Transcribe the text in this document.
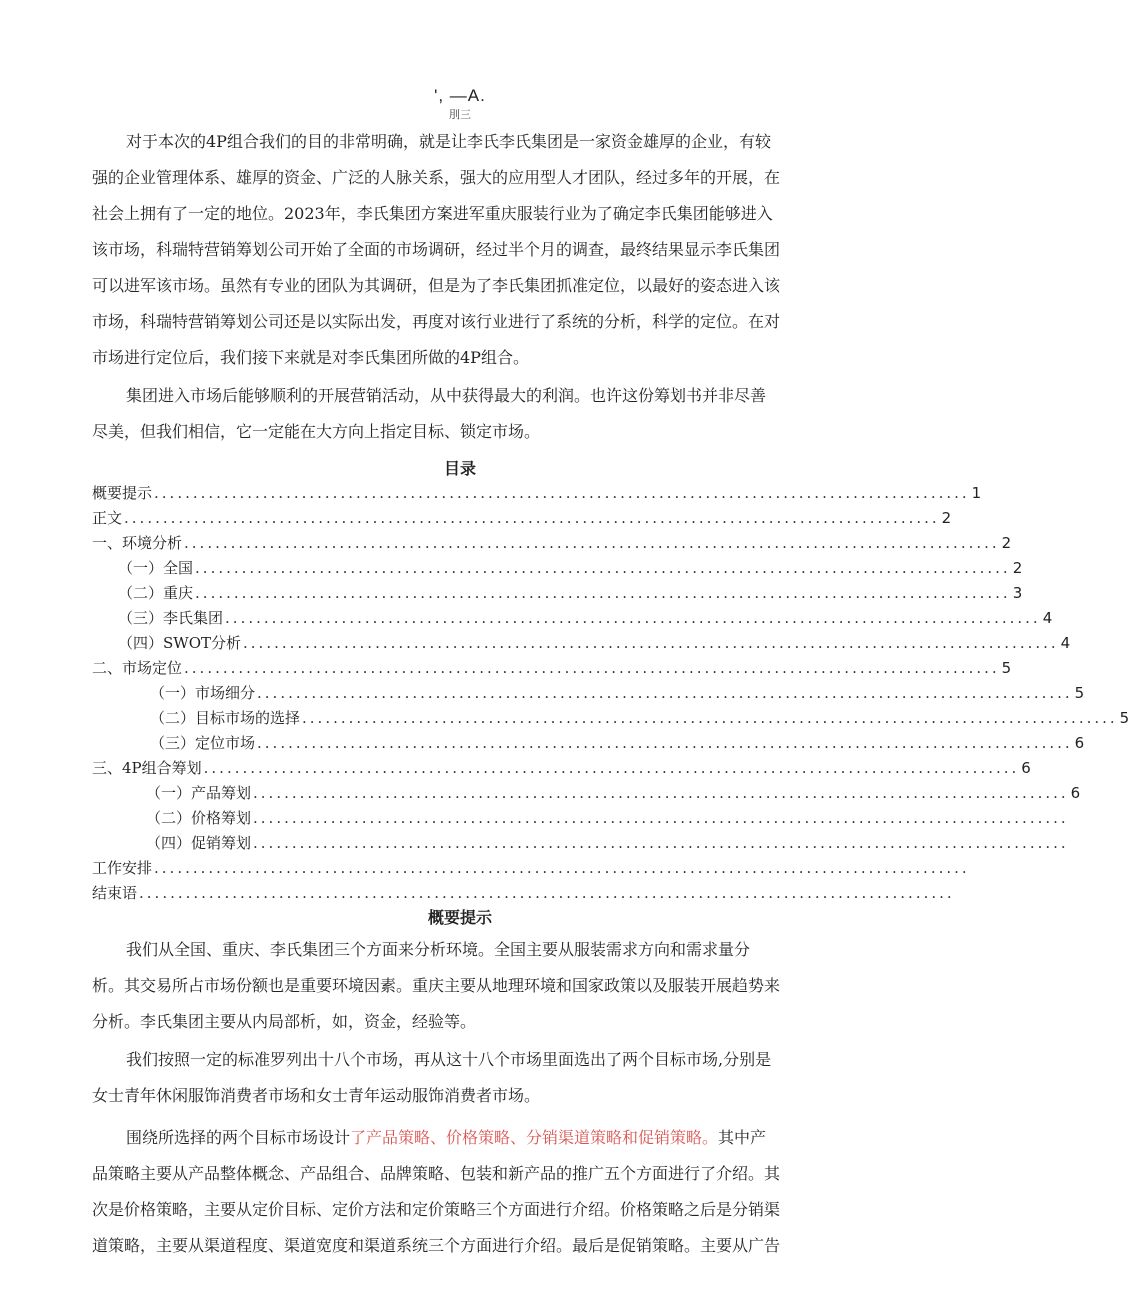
', —A.
刖三
对于本次的4P组合我们的目的非常明确，就是让李氏李氏集团是一家资金雄厚的企业，有较
强的企业管理体系、雄厚的资金、广泛的人脉关系，强大的应用型人才团队，经过多年的开展，在
社会上拥有了一定的地位。2023年，李氏集团方案进军重庆服装行业为了确定李氏集团能够进入
该市场，科瑞特营销筹划公司开始了全面的市场调研，经过半个月的调查，最终结果显示李氏集团
可以进军该市场。虽然有专业的团队为其调研，但是为了李氏集团抓准定位，以最好的姿态进入该
市场，科瑞特营销筹划公司还是以实际出发，再度对该行业进行了系统的分析，科学的定位。在对
市场进行定位后，我们接下来就是对李氏集团所做的4P组合。
集团进入市场后能够顺利的开展营销活动，从中获得最大的利润。也许这份筹划书并非尽善
尽美，但我们相信，它一定能在大方向上指定目标、锁定市场。
目录
概要提示 ......................................................................................................... 1
正文 ......................................................................................................... 2
一、环境分析 ......................................................................................................... 2
（一） 全国 ......................................................................................................... 2
（二） 重庆 ......................................................................................................... 3
（三） 李氏集团 ......................................................................................................... 4
（四） SWOT分析 ......................................................................................................... 4
二、市场定位 ......................................................................................................... 5
（一）市场细分 ......................................................................................................... 5
（二）目标市场的选择 ......................................................................................................... 5
（三）定位市场 ......................................................................................................... 6
三、4P组合筹划 ......................................................................................................... 6
（一）产品筹划 ......................................................................................................... 6
（二）价格筹划 .........................................................................................................
（四）促销筹划 .........................................................................................................
工作安排 .........................................................................................................
结束语 .........................................................................................................
概要提示
我们从全国、重庆、李氏集团三个方面来分析环境。全国主要从服装需求方向和需求量分
析。其交易所占市场份额也是重要环境因素。重庆主要从地理环境和国家政策以及服装开展趋势来
分析。李氏集团主要从内局部析，如，资金，经验等。
我们按照一定的标准罗列出十八个市场，再从这十八个市场里面选出了两个目标市场,分别是
女士青年休闲服饰消费者市场和女士青年运动服饰消费者市场。
围绕所选择的两个目标市场设计了产品策略、价格策略、分销渠道策略和促销策略。其中产
品策略主要从产品整体概念、产品组合、品牌策略、包装和新产品的推广五个方面进行了介绍。其
次是价格策略，主要从定价目标、定价方法和定价策略三个方面进行介绍。价格策略之后是分销渠
道策略，主要从渠道程度、渠道宽度和渠道系统三个方面进行介绍。最后是促销策略。主要从广告
